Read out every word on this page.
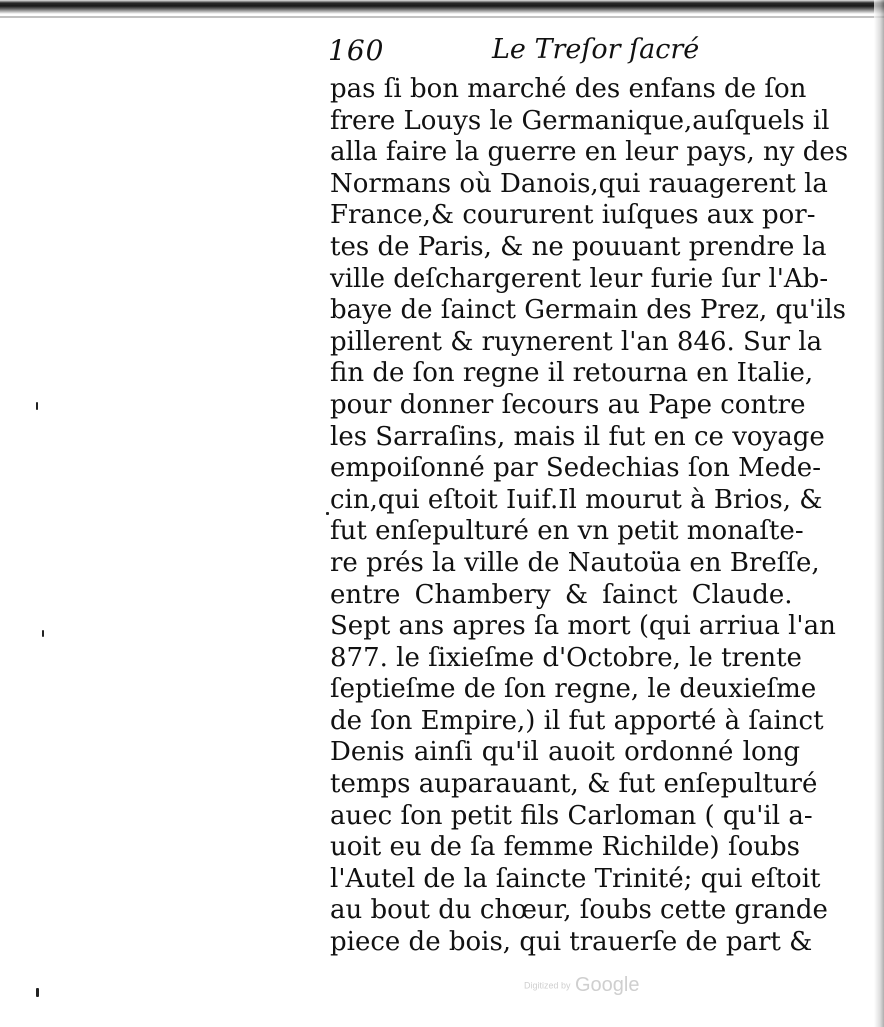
160	Le Treſor ſacré
pas ſi bon marché des enfans de ſon
frere Louys le Germanique,auſquels il
alla faire la guerre en leur pays, ny des
Normans où Danois,qui rauagerent la
France,& coururent iuſques aux por-
tes de Paris, & ne pouuant prendre la
ville deſchargerent leur furie ſur l'Ab-
baye de ſainct Germain des Prez, qu'ils
pillerent & ruynerent l'an 846. Sur la
fin de ſon regne il retourna en Italie,
pour donner ſecours au Pape contre
les Sarraſins, mais il fut en ce voyage
empoiſonné par Sedechias ſon Mede-
cin,qui eſtoit Iuif.Il mourut à Brios, &
fut enſepulturé en vn petit monaſte-
re prés la ville de Nautoüa en Breſſe,
entre Chambery & ſainct Claude.
Sept ans apres ſa mort (qui arriua l'an
877. le ſixieſme d'Octobre, le trente
ſeptieſme de ſon regne, le deuxieſme
de ſon Empire,) il fut apporté à ſainct
Denis ainſi qu'il auoit ordonné long
temps auparauant, & fut enſepulturé
auec ſon petit fils Carloman ( qu'il a-
uoit eu de ſa femme Richilde) ſoubs
l'Autel de la ſaincte Trinité; qui eſtoit
au bout du chœur, ſoubs cette grande
piece de bois, qui trauerſe de part &
Digitized by Google
